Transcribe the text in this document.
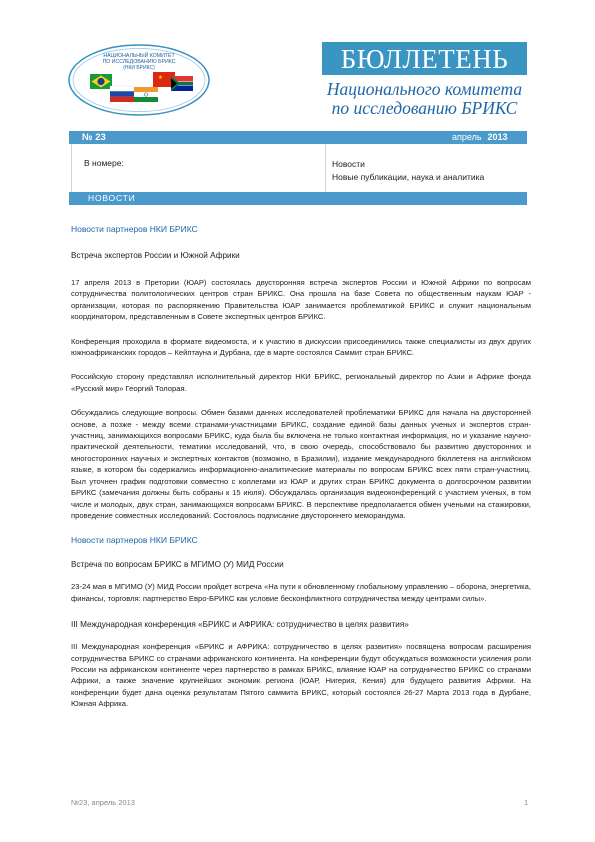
НАЦИОНАЛЬНЫЙ КОМИТЕТ
ПО ИССЛЕДОВАНИЮ БРИКС
(НКИ БРИКС)
★
БЮЛЛЕТЕНЬ
Национального комитета
по исследованию БРИКС
№ 23	апрель 2013
В номере:	Новости
Новые публикации, наука и аналитика
НОВОСТИ

Новости партнеров НКИ БРИКС

Встреча экспертов России и Южной Африки

17 апреля 2013 в Претории (ЮАР) состоялась двусторонняя встреча экспертов России и Южной Африки по вопросам сотрудничества политологических центров стран БРИКС. Она прошла на базе Совета по общественным наукам ЮАР - организации, которая по распоряжению Правительства ЮАР занимается проблематикой БРИКС и служит национальным координатором, представленным в Совете экспертных центров БРИКС.

Конференция проходила в формате видеомоста, и к участию в дискуссии присоединились также специалисты из двух других южноафриканских городов – Кейптауна и Дурбана, где в марте состоялся Саммит стран БРИКС.

Российскую сторону представлял исполнительный директор НКИ БРИКС, региональный директор по Азии и Африке фонда «Русский мир» Георгий Толорая.

Обсуждались следующие вопросы. Обмен базами данных исследователей проблематики БРИКС для начала на двусторонней основе, а позже - между всеми странами-участницами БРИКС, создание единой базы данных ученых и экспертов стран-участниц, занимающихся вопросами БРИКС, куда была бы включена не только контактная информация, но и указание научно-практической деятельности, тематики исследований, что, в свою очередь, способствовало бы развитию двусторонних и многосторонних научных и экспертных контактов (возможно, в Бразилии), издание международного бюллетеня на английском языке, в котором бы содержались информационно-аналитические материалы по вопросам БРИКС всех пяти стран-участниц. Был уточнен график подготовки совместно с коллегами из ЮАР и других стран БРИКС документа о долгосрочном развитии БРИКС (замечания должны быть собраны к 15 июля). Обсуждалась организация видеоконференций с участием ученых, в том числе и молодых, двух стран, занимающихся вопросами БРИКС. В перспективе предполагается обмен учеными на стажировки, проведение совместных исследований. Состоялось подписание двустороннего меморандума.

Новости партнеров НКИ БРИКС

Встреча по вопросам БРИКС в МГИМО (У) МИД России

23-24 мая в МГИМО (У) МИД России пройдет встреча «На пути к обновленному глобальному управлению – оборона, энергетика, финансы, торговля: партнерство Евро-БРИКС как условие бесконфликтного сотрудничества между центрами силы».

III Международная конференция «БРИКС и АФРИКА: сотрудничество в целях развития»

III Международная конференция «БРИКС и АФРИКА: сотрудничество в целях развития» посвящена вопросам расширения сотрудничества БРИКС со странами африканского континента. На конференции будут обсуждаться возможности усиления роли России на африканском континенте через партнерство в рамках БРИКС, влияние ЮАР на сотрудничество БРИКС со странами Африки, а также значение крупнейших экономик региона (ЮАР, Нигерия, Кения) для будущего развития Африки. На конференции будет дана оценка результатам Пятого саммита БРИКС, который состоялся 26-27 Марта 2013 года в Дурбане, Южная Африка.

№23, апрель 2013	1
